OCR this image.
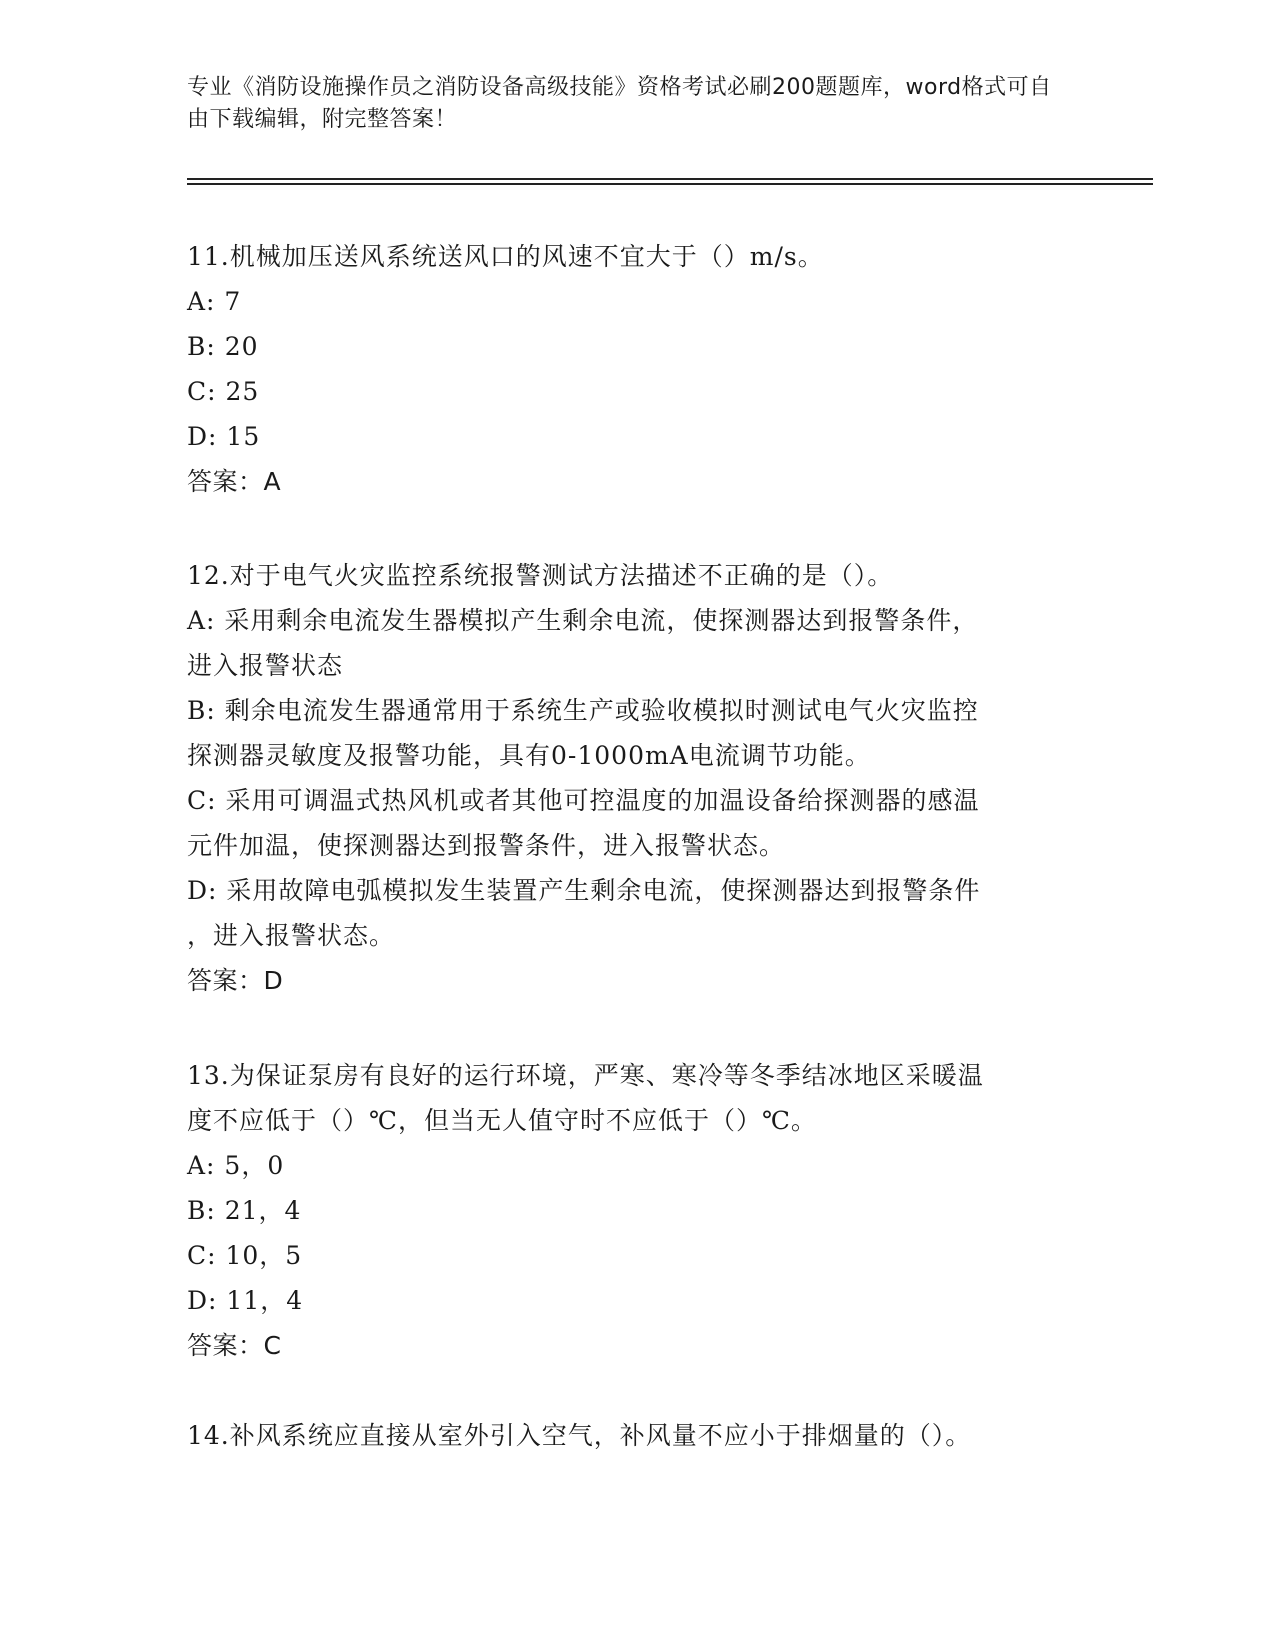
专业《消防设施操作员之消防设备高级技能》资格考试必刷200题题库，word格式可自由下载编辑，附完整答案！
11.机械加压送风系统送风口的风速不宜大于（）m/s。
A: 7
B: 20
C: 25
D: 15
答案：A
12.对于电气火灾监控系统报警测试方法描述不正确的是（）。
A: 采用剩余电流发生器模拟产生剩余电流，使探测器达到报警条件，
进入报警状态
B: 剩余电流发生器通常用于系统生产或验收模拟时测试电气火灾监控
探测器灵敏度及报警功能，具有0-1000mA电流调节功能。
C: 采用可调温式热风机或者其他可控温度的加温设备给探测器的感温
元件加温，使探测器达到报警条件，进入报警状态。
D: 采用故障电弧模拟发生装置产生剩余电流，使探测器达到报警条件
，进入报警状态。
答案：D
13.为保证泵房有良好的运行环境，严寒、寒冷等冬季结冰地区采暖温
度不应低于（）℃，但当无人值守时不应低于（）℃。
A: 5，0
B: 21，4
C: 10，5
D: 11，4
答案：C
14.补风系统应直接从室外引入空气，补风量不应小于排烟量的（）。
